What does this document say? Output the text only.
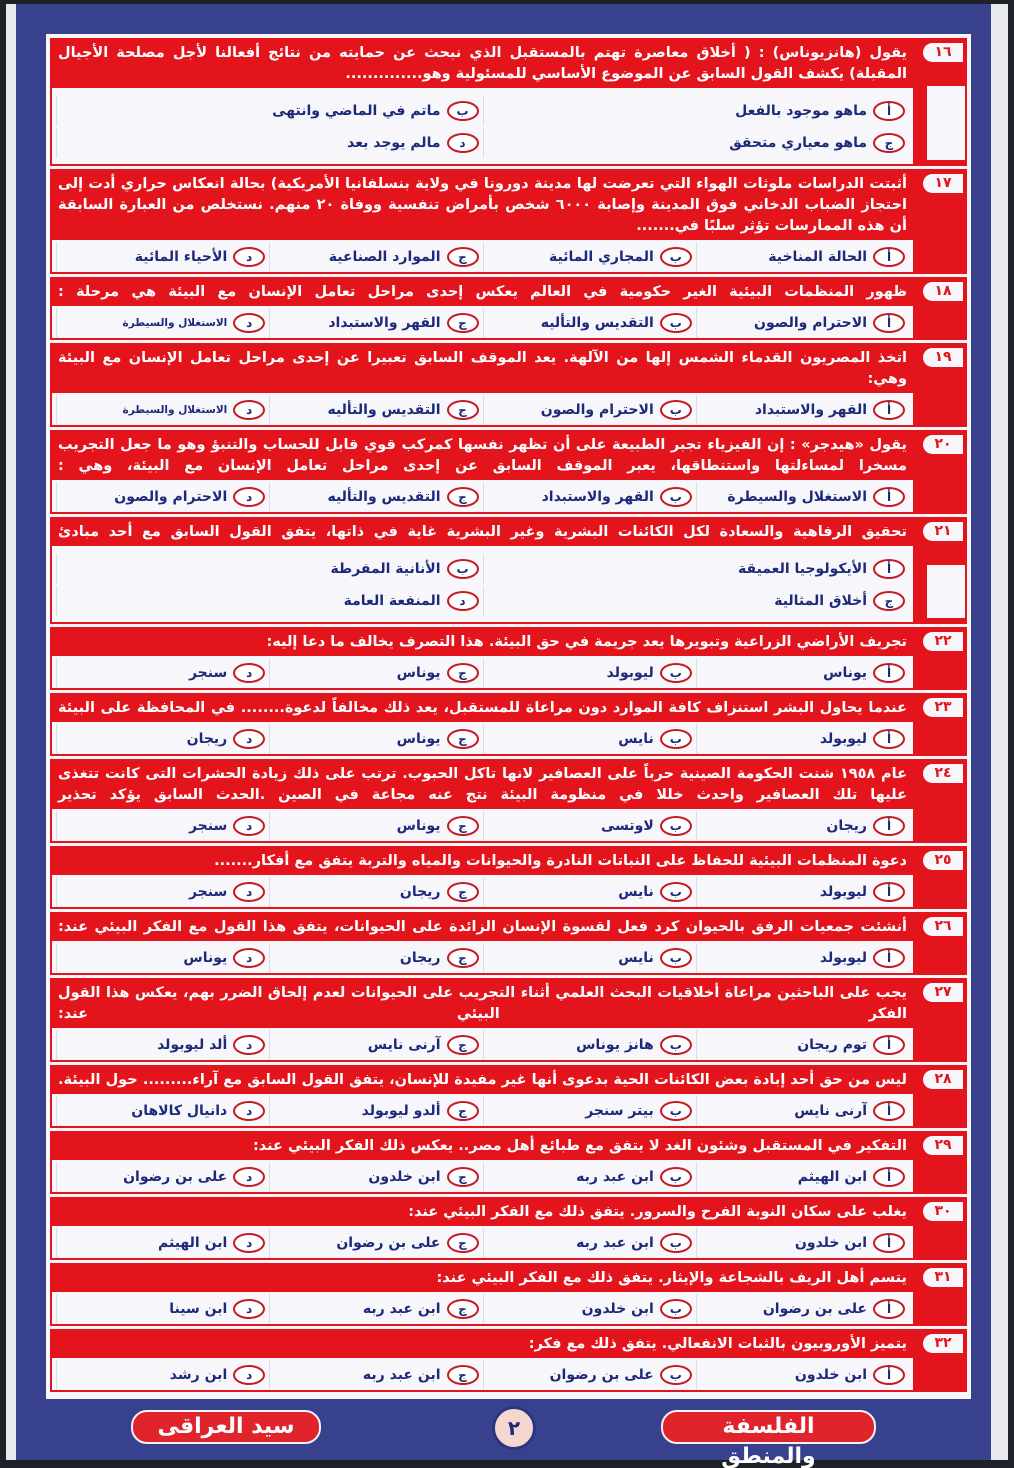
١٦
يقول (هانزيوناس) : ( أخلاق معاصرة تهتم بالمستقبل الذي نبحث عن حمايته من نتائج أفعالنا لأجل مصلحة الأجيال المقبلة) يكشف القول السابق عن الموضوع الأساسي للمسئولية وهو..............
أ
ماهو موجود بالفعل
ب
ماتم في الماضي وانتهى
ج
ماهو معياري متحقق
د
مالم يوجد بعد
١٧
أثبتت الدراسات ملوثات الهواء التي تعرضت لها مدينة دورونا في ولاية بنسلفانيا الأمريكية) بحالة انعكاس حراري أدت إلى احتجاز الضباب الدخاني فوق المدينة وإصابة ٦٠٠٠ شخص بأمراض تنفسية ووفاة ٢٠ منهم. نستخلص من العبارة السابقة أن هذه الممارسات تؤثر سلبًا في.......
أ
الحالة المناخية
ب
المجاري المائية
ج
الموارد الصناعية
د
الأحياء المائية
١٨
ظهور المنظمات البيئية الغير حكومية في العالم يعكس إحدى مراحل تعامل الإنسان مع البيئة هي مرحلة :
أ
الاحترام والصون
ب
التقديس والتأليه
ج
القهر والاستبداد
د
الاستغلال والسيطرة
١٩
اتخذ المصريون القدماء الشمس إلها من الآلهة. يعد الموقف السابق تعبيرا عن إحدى مراحل تعامل الإنسان مع البيئة وهي:
أ
القهر والاستبداد
ب
الاحترام والصون
ج
التقديس والتأليه
د
الاستغلال والسيطرة
٢٠
يقول «هيدجر» : إن الفيزياء تجبر الطبيعة على أن تظهر نفسها كمركب قوي قابل للحساب والتنبؤ وهو ما جعل التجريب مسخرا لمساءلتها واستنطاقها، يعبر الموقف السابق عن إحدى مراحل تعامل الإنسان مع البيئة، وهي :
أ
الاستغلال والسيطرة
ب
القهر والاستبداد
ج
التقديس والتأليه
د
الاحترام والصون
٢١
تحقيق الرفاهية والسعادة لكل الكائنات البشرية وغير البشرية غاية في ذاتها، يتفق القول السابق مع أحد مبادئ
أ
الأيكولوجيا العميقة
ب
الأنانية المفرطة
ج
أخلاق المثالية
د
المنفعة العامة
٢٢
تجريف الأراضي الزراعية وتبويرها يعد جريمة في حق البيئة. هذا التصرف يخالف ما دعا إليه:
أ
يوناس
ب
ليوبولد
ج
يوناس
د
سنجر
٢٣
عندما يحاول البشر استنزاف كافة الموارد دون مراعاة للمستقبل، يعد ذلك مخالفاً لدعوة........ في المحافظة على البيئة
أ
ليوبولد
ب
نايس
ج
يوناس
د
ريجان
٢٤
عام ١٩٥٨ شنت الحكومة الصينية حرباً على العصافير لانها تاكل الحبوب. ترتب على ذلك زيادة الحشرات التى كانت تتغذى عليها تلك العصافير واحدث خللا في منظومة البيئة نتج عنه مجاعة في الصين .الحدث السابق يؤكد تحذير
أ
ريجان
ب
لاوتسى
ج
يوناس
د
سنجر
٢٥
دعوة المنظمات البيئية للحفاظ على النباتات النادرة والحيوانات والمياه والتربة يتفق مع أفكار.......
أ
ليوبولد
ب
نايس
ج
ريجان
د
سنجر
٢٦
أنشئت جمعيات الرفق بالحيوان كرد فعل لقسوة الإنسان الزائدة على الحيوانات، يتفق هذا القول مع الفكر البيئي عند:
أ
ليوبولد
ب
نايس
ج
ريجان
د
يوناس
٢٧
يجب على الباحثين مراعاة أخلاقيات البحث العلمي أثناء التجريب على الحيوانات لعدم إلحاق الضرر بهم، يعكس هذا القول الفكر البيئي عند:
أ
توم ريجان
ب
هانز يوناس
ج
آرنى نايس
د
ألد ليوبولد
٢٨
ليس من حق أحد إبادة بعض الكائنات الحية بدعوى أنها غير مفيدة للإنسان، يتفق القول السابق مع آراء......... حول البيئة.
أ
آرنى نايس
ب
بيتر سنجر
ج
ألدو ليوبولد
د
دانيال كالاهان
٢٩
التفكير في المستقبل وشئون الغد لا يتفق مع طبائع أهل مصر.. يعكس ذلك الفكر البيئي عند:
أ
ابن الهيثم
ب
ابن عبد ربه
ج
ابن خلدون
د
على بن رضوان
٣٠
يغلب على سكان النوبة الفرح والسرور. يتفق ذلك مع الفكر البيئي عند:
أ
ابن خلدون
ب
ابن عبد ربه
ج
على بن رضوان
د
ابن الهيثم
٣١
يتسم أهل الريف بالشجاعة والإيثار. يتفق ذلك مع الفكر البيئي عند:
أ
على بن رضوان
ب
ابن خلدون
ج
ابن عبد ربه
د
ابن سينا
٣٢
يتميز الأوروبيون بالثبات الانفعالي. يتفق ذلك مع فكر:
أ
ابن خلدون
ب
على بن رضوان
ج
ابن عبد ربه
د
ابن رشد
الفلسفة والمنطق
٢
سيد العراقى
